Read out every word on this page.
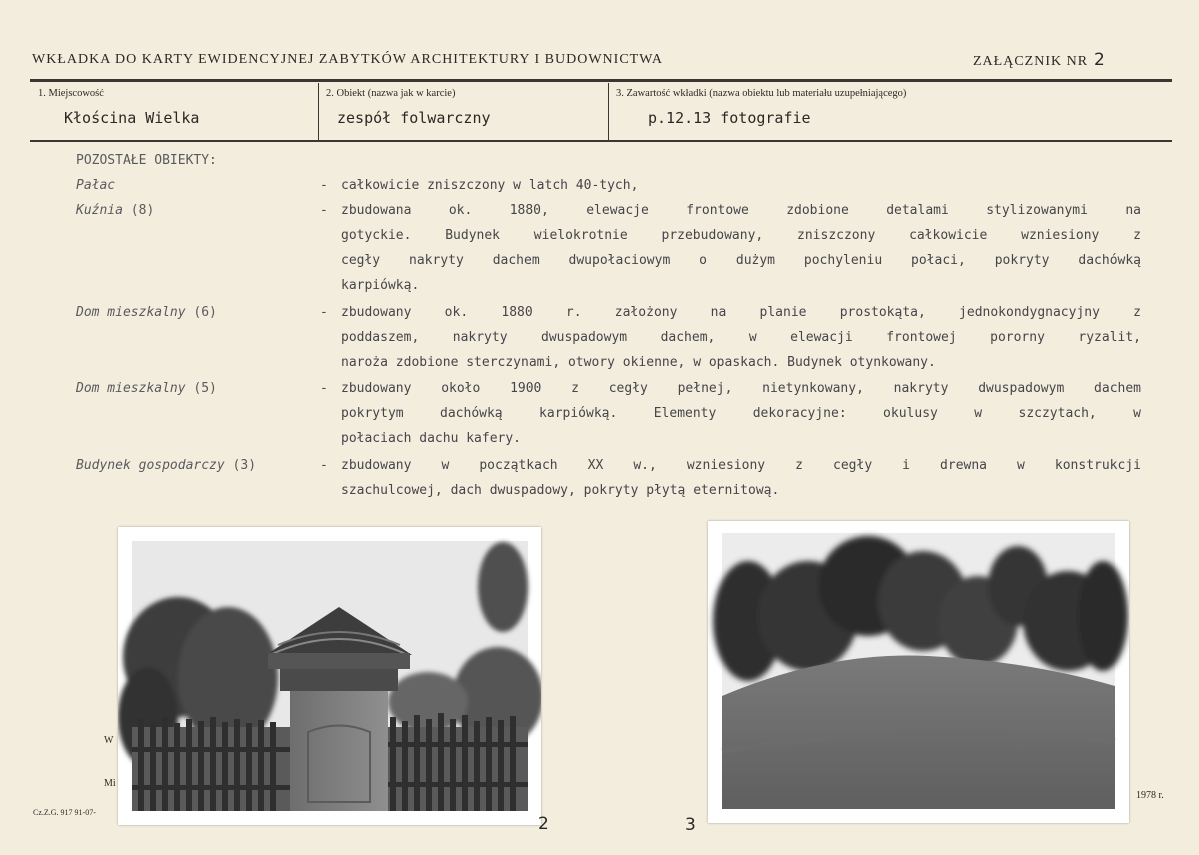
WKŁADKA DO KARTY EWIDENCYJNEJ ZABYTKÓW ARCHITEKTURY I BUDOWNICTWA	ZAŁĄCZNIK NR 2
1. Miejscowość
Kłościna Wielka
2. Obiekt (nazwa jak w karcie)
zespół folwarczny
3. Zawartość wkładki (nazwa obiektu lub materiału uzupełniającego)
p.12.13 fotografie
POZOSTAŁE OBIEKTY:
Pałac	- całkowicie zniszczony w latch 40-tych,
Kuźnia (8)	- zbudowana ok. 1880, elewacje frontowe zdobione detalami stylizowanymi na
gotyckie. Budynek wielokrotnie przebudowany, zniszczony całkowicie wzniesiony z
cegły nakryty dachem dwupołaciowym o dużym pochyleniu połaci, pokryty dachówką
karpiówką.
Dom mieszkalny (6)	- zbudowany ok. 1880 r. założony na planie prostokąta, jednokondygnacyjny z
poddaszem, nakryty dwuspadowym dachem, w elewacji frontowej pororny ryzalit,
naroża zdobione sterczynami, otwory okienne, w opaskach. Budynek otynkowany.
Dom mieszkalny (5)	- zbudowany około 1900 z cegły pełnej, nietynkowany, nakryty dwuspadowym dachem
pokrytym dachówką karpiówką. Elementy dekoracyjne: okulusy w szczytach, w
połaciach dachu kafery.
Budynek gospodarczy (3)	- zbudowany w początkach XX w., wzniesiony z cegły i drewna w konstrukcji
szachulcowej, dach dwuspadowy, pokryty płytą eternitową.
W
Mi
Cz.Z.G. 917 91-07-
1978 r.
2	3
